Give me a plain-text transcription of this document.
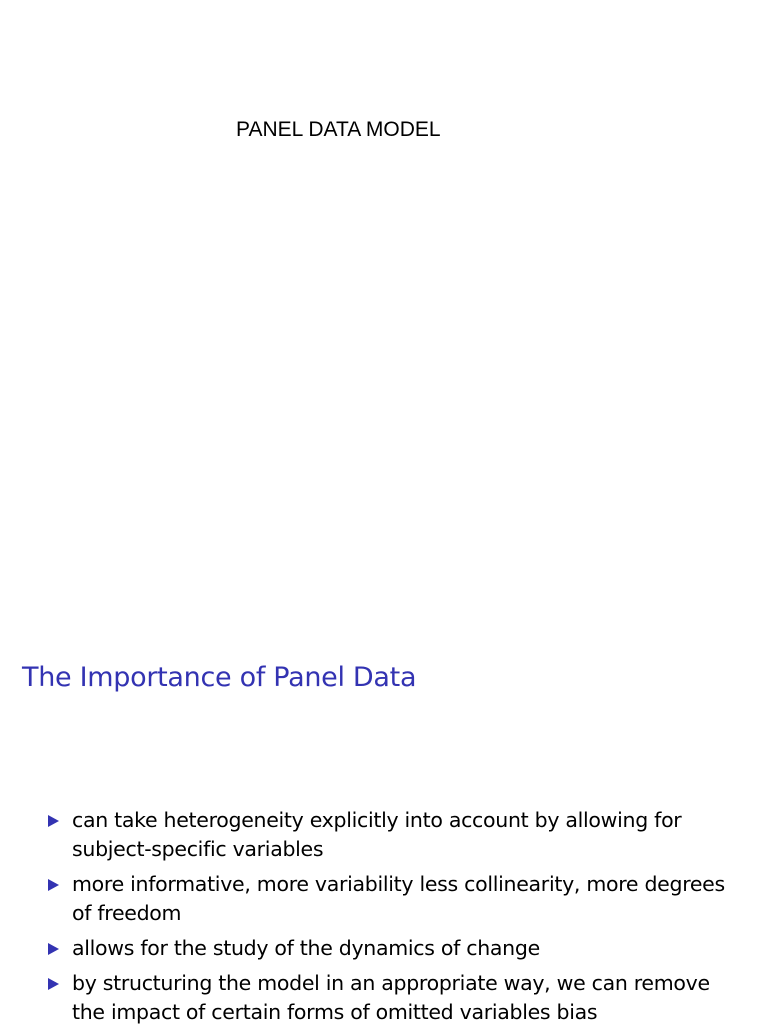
PANEL DATA MODEL
The Importance of Panel Data
can take heterogeneity explicitly into account by allowing for subject-specific variables
more informative, more variability less collinearity, more degrees of freedom
allows for the study of the dynamics of change
by structuring the model in an appropriate way, we can remove the impact of certain forms of omitted variables bias
